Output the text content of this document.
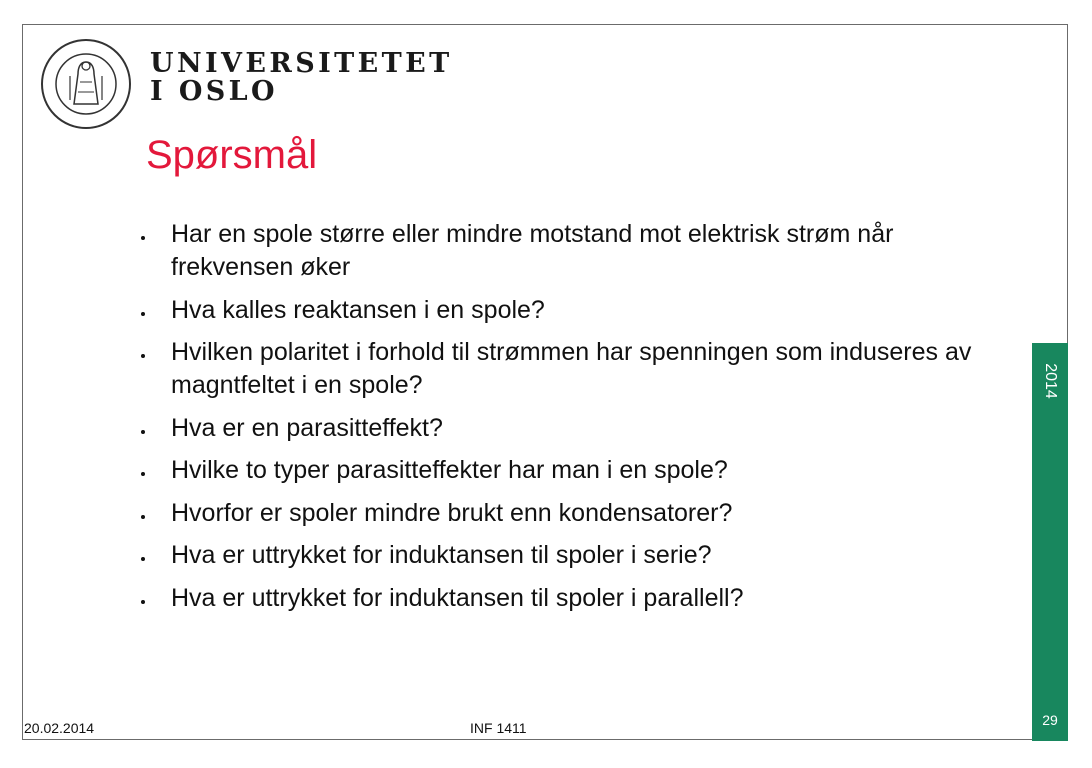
UNIVERSITETET
I OSLO
Spørsmål
Har en spole større eller mindre motstand mot elektrisk strøm når frekvensen øker
Hva kalles reaktansen i en spole?
Hvilken polaritet i forhold til strømmen har spenningen som induseres av magntfeltet i en spole?
Hva er en parasitteffekt?
Hvilke to typer parasitteffekter har man i en spole?
Hvorfor er spoler mindre brukt enn kondensatorer?
Hva er uttrykket for induktansen til spoler i serie?
Hva er uttrykket for induktansen til spoler i parallell?
2014
29
20.02.2014	INF 1411
